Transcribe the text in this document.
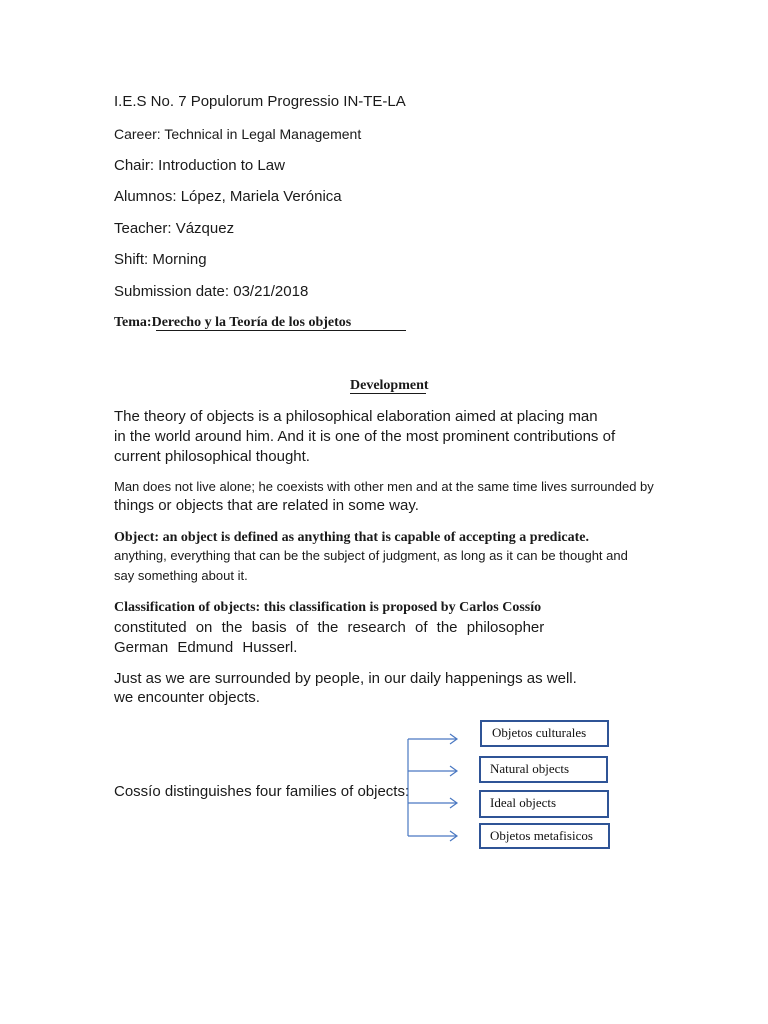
I.E.S No. 7 Populorum Progressio IN-TE-LA
Career: Technical in Legal Management
Chair: Introduction to Law
Alumnos: López, Mariela Verónica
Teacher: Vázquez
Shift: Morning
Submission date: 03/21/2018
Tema:Derecho y la Teoría de los objetos
Development
The theory of objects is a philosophical elaboration aimed at placing man
in the world around him. And it is one of the most prominent contributions of
current philosophical thought.
Man does not live alone; he coexists with other men and at the same time lives surrounded by
things or objects that are related in some way.
Object: an object is defined as anything that is capable of accepting a predicate.
anything, everything that can be the subject of judgment, as long as it can be thought and
say something about it.
Classification of objects: this classification is proposed by Carlos Cossío
constituted on the basis of the research of the philosopher
German Edmund Husserl.
Just as we are surrounded by people, in our daily happenings as well.
we encounter objects.
Cossío distinguishes four families of objects:
Objetos culturales
Natural objects
Ideal objects
Objetos metafisicos
